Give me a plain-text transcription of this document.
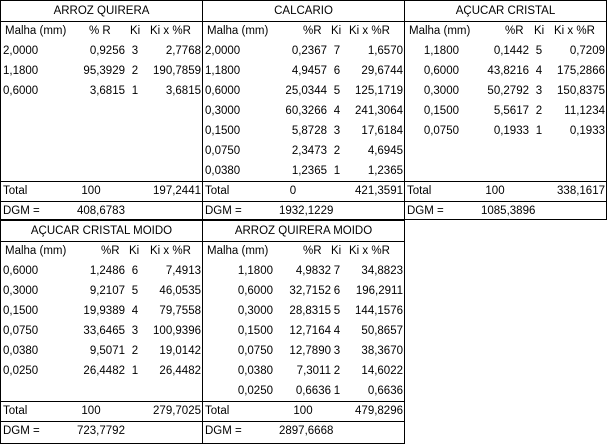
ARROZ QUIRERA
Malha (mm) % R Ki Ki x %R
2,0000	0,9256 3	2,7768
1,1800	95,3929 2	190,7859
0,6000	3,6815 1	3,6815
Total	100	197,2441
DGM =	408,6783
CALCARIO
Malha (mm)	%R Ki Ki x %R
2,0000	0,2367 7	1,6570
1,1800	4,9457 6	29,6744
0,6000	25,0344 5	125,1719
0,3000	60,3266 4	241,3064
0,1500	5,8728 3	17,6184
0,0750	2,3473 2	4,6945
0,0380	1,2365 1	1,2365
Total	0	421,3591
DGM =	1932,1229
AÇUCAR CRISTAL
Malha (mm)	%R Ki Ki x %R
1,1800	0,1442 5	0,7209
0,6000	43,8216 4	175,2866
0,3000	50,2792 3	150,8375
0,1500	5,5617 2	11,1234
0,0750	0,1933 1	0,1933
Total	100	338,1617
DGM =	1085,3896
AÇUCAR CRISTAL MOIDO
Malha (mm)	%R Ki Ki x %R
0,6000	1,2486 6	7,4913
0,3000	9,2107 5	46,0535
0,1500	19,9389 4	79,7558
0,0750	33,6465 3	100,9396
0,0380	9,5071 2	19,0142
0,0250	26,4482 1	26,4482
Total	100	279,7025
DGM =	723,7792
ARROZ QUIRERA MOIDO
Malha (mm)	%R Ki Ki x %R
1,1800	4,9832 7	34,8823
0,6000	32,7152 6	196,2911
0,3000	28,8315 5	144,1576
0,1500	12,7164 4	50,8657
0,0750	12,7890 3	38,3670
0,0380	7,3011 2	14,6022
0,0250	0,6636 1	0,6636
Total	100	479,8296
DGM =	2897,6668
